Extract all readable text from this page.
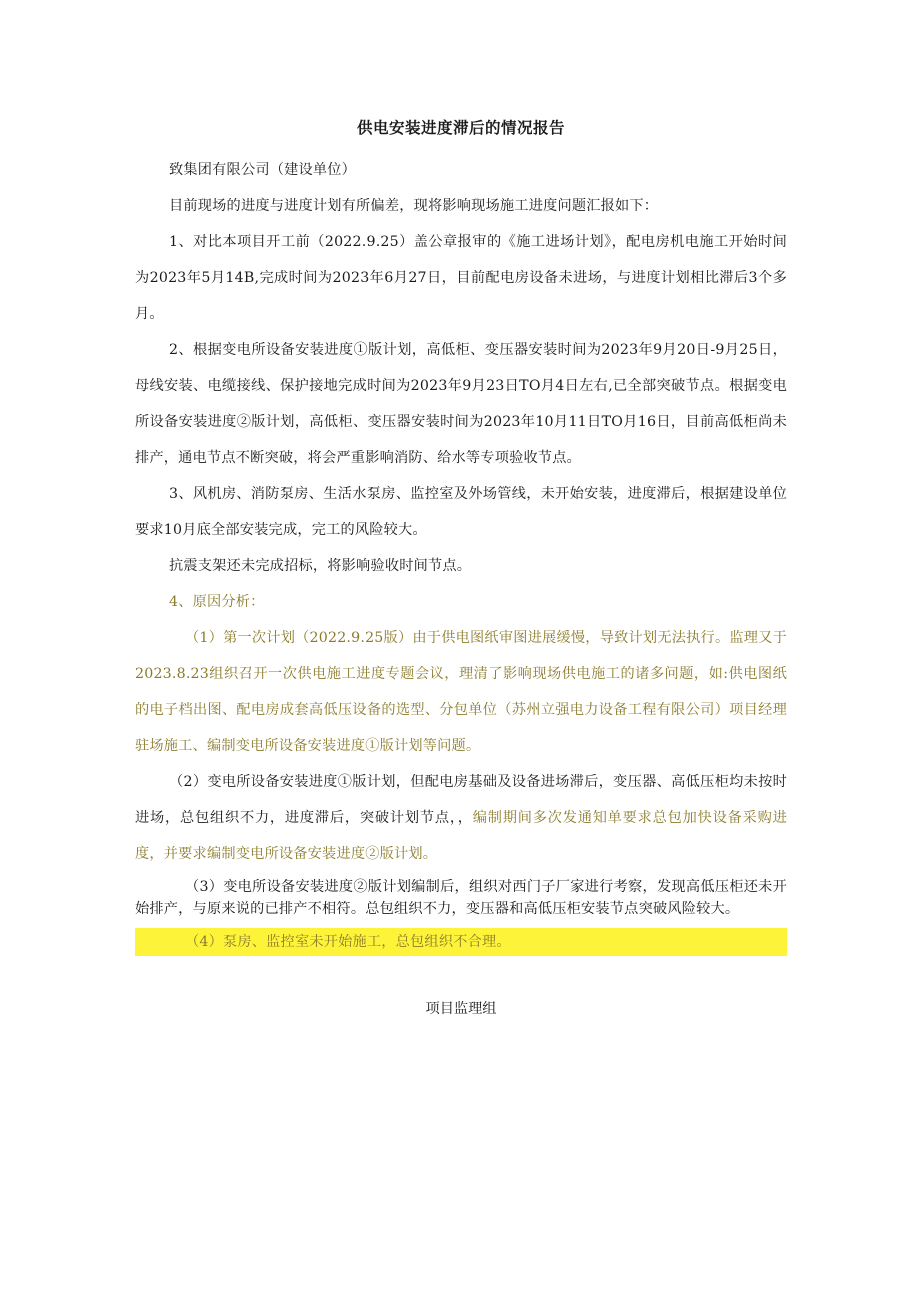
供电安装进度滞后的情况报告

致集团有限公司（建设单位）

目前现场的进度与进度计划有所偏差，现将影响现场施工进度问题汇报如下：

1、对比本项目开工前（2022.9.25）盖公章报审的《施工进场计划》，配电房机电施工开始时间为2023年5月14B,完成时间为2023年6月27日，目前配电房设备未进场，与进度计划相比滞后3个多月。

2、根据变电所设备安装进度①版计划，高低柜、变压器安装时间为2023年9月20日-9月25日，母线安装、电缆接线、保护接地完成时间为2023年9月23日TO月4日左右,已全部突破节点。根据变电所设备安装进度②版计划，高低柜、变压器安装时间为2023年10月11日TO月16日，目前高低柜尚未排产，通电节点不断突破，将会严重影响消防、给水等专项验收节点。

3、风机房、消防泵房、生活水泵房、监控室及外场管线，未开始安装，进度滞后，根据建设单位要求10月底全部安装完成，完工的风险较大。

抗震支架还未完成招标，将影响验收时间节点。

4、原因分析：

（1）第一次计划（2022.9.25版）由于供电图纸审图进展缓慢，导致计划无法执行。监理又于2023.8.23组织召开一次供电施工进度专题会议，理清了影响现场供电施工的诸多问题，如:供电图纸的电子档出图、配电房成套高低压设备的选型、分包单位（苏州立强电力设备工程有限公司）项目经理驻场施工、编制变电所设备安装进度①版计划等问题。

（2）变电所设备安装进度①版计划，但配电房基础及设备进场滞后，变压器、高低压柜均未按时进场，总包组织不力，进度滞后，突破计划节点，，编制期间多次发通知单要求总包加快设备采购进度，并要求编制变电所设备安装进度②版计划。

（3）变电所设备安装进度②版计划编制后，组织对西门子厂家进行考察，发现高低压柜还未开始排产，与原来说的已排产不相符。总包组织不力，变压器和高低压柜安装节点突破风险较大。

（4）泵房、监控室未开始施工，总包组织不合理。

项目监理组
